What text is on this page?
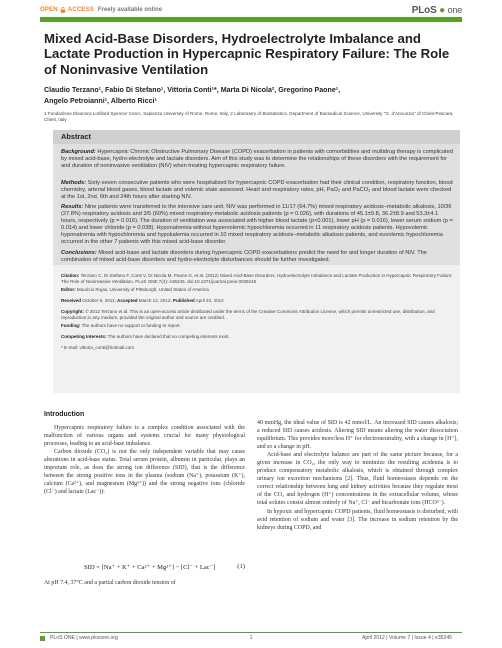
OPEN ACCESS Freely available online	PLoS ● one
Mixed Acid-Base Disorders, Hydroelectrolyte Imbalance and Lactate Production in Hypercapnic Respiratory Failure: The Role of Noninvasive Ventilation
Claudio Terzano¹, Fabio Di Stefano¹, Vittoria Conti¹*, Marta Di Nicola², Gregorino Paone¹,
Angelo Petroianni¹, Alberto Ricci¹
1 Fondazione Eleonora Lorillard Spencer Cenci, Sapienza University of Rome, Rome, Italy, 2 Laboratory of Biostatistics, Department of Biomedical Science, University "G. d'Annunzio" of Chieti-Pescara, Chieti, Italy
Abstract

Background: Hypercapnic Chronic Obstructive Pulmonary Disease (COPD) exacerbation in patients with comorbidities and multidrug therapy is complicated by mixed acid-base, hydro-electrolyte and lactate disorders. Aim of this study was to determine the relationships of these disorders with the requirement for and duration of noninvasive ventilation (NIV) when treating hypercapnic respiratory failure.

Methods: Sixty-seven consecutive patients who were hospitalized for hypercapnic COPD exacerbation had their clinical condition, respiratory function, blood chemistry, arterial blood gases, blood lactate and volemic state assessed. Heart and respiratory rates, pH, PaO₂ and PaCO₂ and blood lactate were checked at the 1st, 2nd, 6th and 24th hours after starting NIV.

Results: Nine patients were transferred to the intensive care unit. NIV was performed in 11/17 (64.7%) mixed respiratory acidosis–metabolic alkalosis, 10/36 (27.8%) respiratory acidosis and 3/5 (60%) mixed respiratory-metabolic acidosis patients (p = 0.026), with durations of 45.1±9.8, 36.2±8.9 and 53.3±4.1 hours, respectively (p = 0.016). The duration of ventilation was associated with higher blood lactate (p<0.001), lower pH (p = 0.016), lower serum sodium (p = 0.014) and lower chloride (p = 0.038). Hyponatremia without hypervolemic hypochloremia occurred in 11 respiratory acidosis patients. Hypovolemic hyponatremia with hypochloremia and hypokalemia occurred in 10 mixed respiratory acidosis–metabolic alkalosis patients, and euvolemic hypochloremia occurred in the other 7 patients with this mixed acid-base disorder.

Conclusions: Mixed acid-base and lactate disorders during hypercapnic COPD exacerbations predict the need for and longer duration of NIV. The combination of mixed acid-base disorders and hydro-electrolyte disturbances should be further investigated.

Citation: Terzano C, Di Stefano F, Conti V, Di Nicola M, Paone G, et al. (2012) Mixed Acid-Base Disorders, Hydroelectrolyte Imbalance and Lactate Production in Hypercapnic Respiratory Failure: The Role of Noninvasive Ventilation. PLoS ONE 7(4): e35245. doi:10.1371/journal.pone.0035245

Editor: Mauricio Rojas, University of Pittsburgh, United States of America

Received October 9, 2011; Accepted March 12, 2012; Published April 23, 2012

Copyright: © 2012 Terzano et al. This is an open-access article distributed under the terms of the Creative Commons Attribution License, which permits unrestricted use, distribution, and reproduction in any medium, provided the original author and source are credited.

Funding: The authors have no support or funding to report.

Competing Interests: The authors have declared that no competing interests exist.

* E-mail: vittoria_conti@hotmail.com

Introduction

Hypercapnic respiratory failure is a complex condition associated with the malfunction of various organs and systems crucial for many physiological processes, leading to an acid-base imbalance.

Carbon dioxide (CO₂) is not the only independent variable that may cause alterations in acid-base status. Total serum protein, albumin in particular, plays an important role, as does the strong ion difference (SID), that is the difference between the strong positive ions in the plasma (sodium (Na⁺), potassium (K⁺), calcium (Ca²⁺), and magnesium (Mg²⁺)) and the strong negative ions (chloride (Cl⁻) and lactate (Lac⁻)):

SID = [Na⁺ + K⁺ + Ca²⁺ + Mg²⁺] − [Cl⁻ + Lac⁻]	(1)

At pH 7.4, 37°C and a partial carbon dioxide tension of

40 mmHg, the ideal value of SID is 42 mmol/L. An increased SID causes alkalosis; a reduced SID causes acidosis. Altering SID means altering the water dissociation equilibrium. This provides more/less H⁺ for electroneutrality, with a change in [H⁺], and so a change in pH.

Acid-base and electrolyte balance are part of the same picture because, for a given increase in CO₂, the only way to minimize the resulting acidemia is to produce compensatory metabolic alkalosis, which is obtained through complex urinary ion excretion mechanisms [2]. Thus, fluid homeostasis depends on the correct relationship between lung and kidney activities because they regulate most of the CO₂ and hydrogen (H⁺) concentrations in the extracellular volume, whose total solutes consist almost entirely of Na⁺, Cl⁻ and bicarbonate ions (HCO³⁻).

In hypoxic and hypercapnic COPD patients, fluid homeostasis is disturbed, with avid retention of sodium and water [3]. The increase in sodium retention by the kidneys during COPD, and

PLoS ONE | www.plosone.org	1	April 2012 | Volume 7 | Issue 4 | e35245
